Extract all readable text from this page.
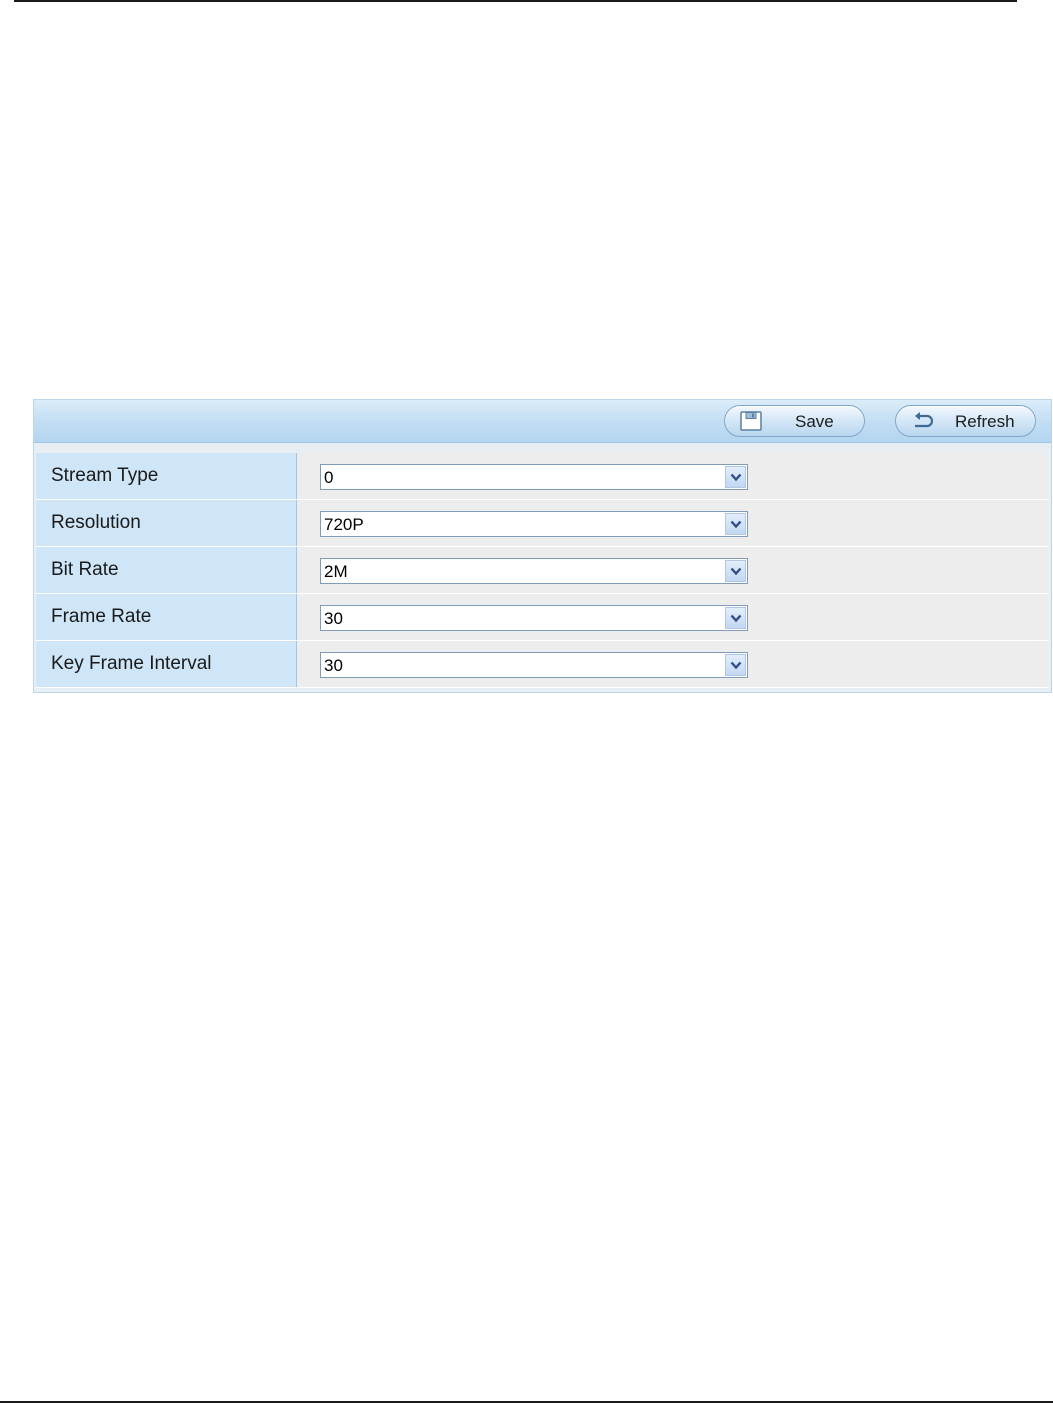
Save	Refresh
Stream Type	0
Resolution	720P
Bit Rate	2M
Frame Rate	30
Key Frame Interval	30
